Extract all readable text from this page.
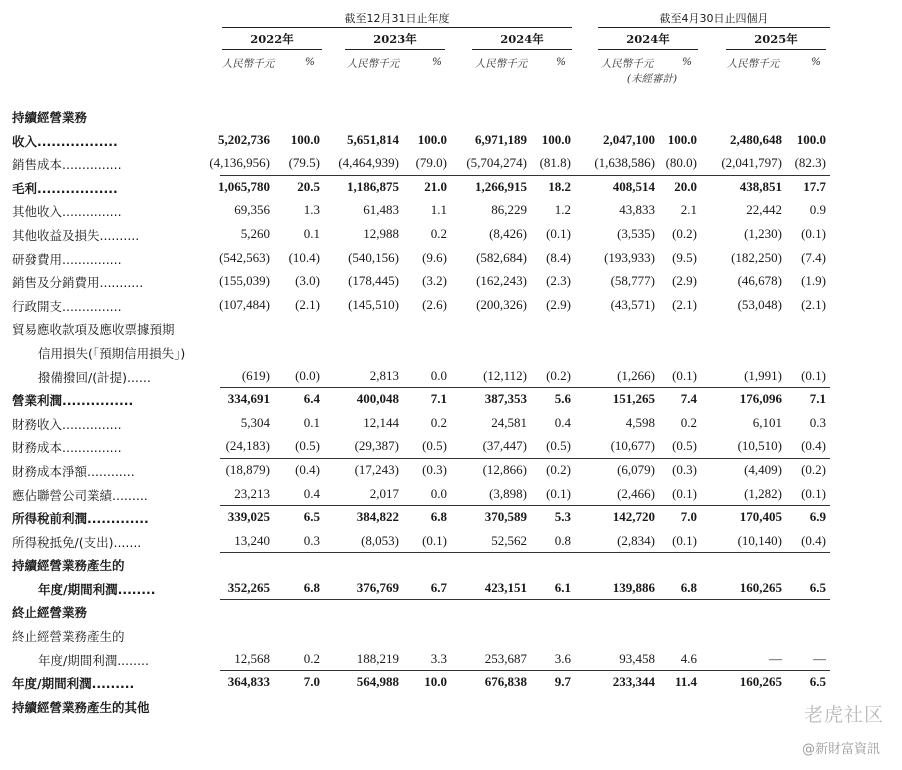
截至12月31日止年度	截至4月30日止四個月
2022年	2023年	2024年	2024年	2025年
人民幣千元	%	人民幣千元	%	人民幣千元	%	人民幣千元	%	人民幣千元	%
(未經審計)
持續經營業務
收入.................	5,202,736 100.0 5,651,814 100.0 6,971,189 100.0 2,047,100 100.0	2,480,648 100.0
銷售成本...............	(4,136,956) (79.5) (4,464,939) (79.0) (5,704,274) (81.8) (1,638,586) (80.0) (2,041,797) (82.3)
毛利.................	1,065,780 20.5 1,186,875 21.0 1,266,915 18.2	408,514 20.0	438,851 17.7
其他收入...............	69,356	1.3	61,483 1.1	86,229 1.2	43,833 2.1	22,442 0.9
其他收益及損失..........	5,260	0.1	12,988 0.2	(8,426) (0.1)	(3,535) (0.2)	(1,230) (0.1)
研發費用...............	(542,563) (10.4) (540,156) (9.6) (582,684) (8.4)	(193,933) (9.5)	(182,250) (7.4)
銷售及分銷費用...........	(155,039) (3.0) (178,445) (3.2) (162,243) (2.3)	(58,777) (2.9)	(46,678) (1.9)
行政開支...............	(107,484) (2.1) (145,510) (2.6) (200,326) (2.9)	(43,571) (2.1)	(53,048) (2.1)
貿易應收款項及應收票據預期
信用損失(「預期信用損失」)
撥備撥回/(計提)......	(619) (0.0)	2,813 0.0	(12,112) (0.2)	(1,266) (0.1)	(1,991) (0.1)
營業利潤...............	334,691	6.4	400,048 7.1	387,353 5.6	151,265 7.4	176,096 7.1
財務收入...............	5,304	0.1	12,144 0.2	24,581 0.4	4,598 0.2	6,101 0.3
財務成本...............	(24,183) (0.5)	(29,387) (0.5)	(37,447) (0.5)	(10,677) (0.5)	(10,510) (0.4)
財務成本淨額............	(18,879) (0.4)	(17,243) (0.3)	(12,866) (0.2)	(6,079) (0.3)	(4,409) (0.2)
應佔聯營公司業績.........	23,213	0.4	2,017 0.0	(3,898) (0.1)	(2,466) (0.1)	(1,282) (0.1)
所得稅前利潤.............	339,025	6.5	384,822 6.8	370,589 5.3	142,720 7.0	170,405 6.9
所得稅抵免/(支出).......	13,240	0.3	(8,053) (0.1)	52,562 0.8	(2,834) (0.1)	(10,140) (0.4)
持續經營業務產生的
年度/期間利潤........	352,265	6.8	376,769 6.7	423,151 6.1	139,886 6.8	160,265 6.5
終止經營業務
終止經營業務產生的
年度/期間利潤........	12,568	0.2	188,219 3.3	253,687 3.6	93,458 4.6	— —
年度/期間利潤.........	364,833	7.0	564,988 10.0	676,838 9.7	233,344 11.4	160,265 6.5
持續經營業務產生的其他	老虎社区
@新財富資訊
